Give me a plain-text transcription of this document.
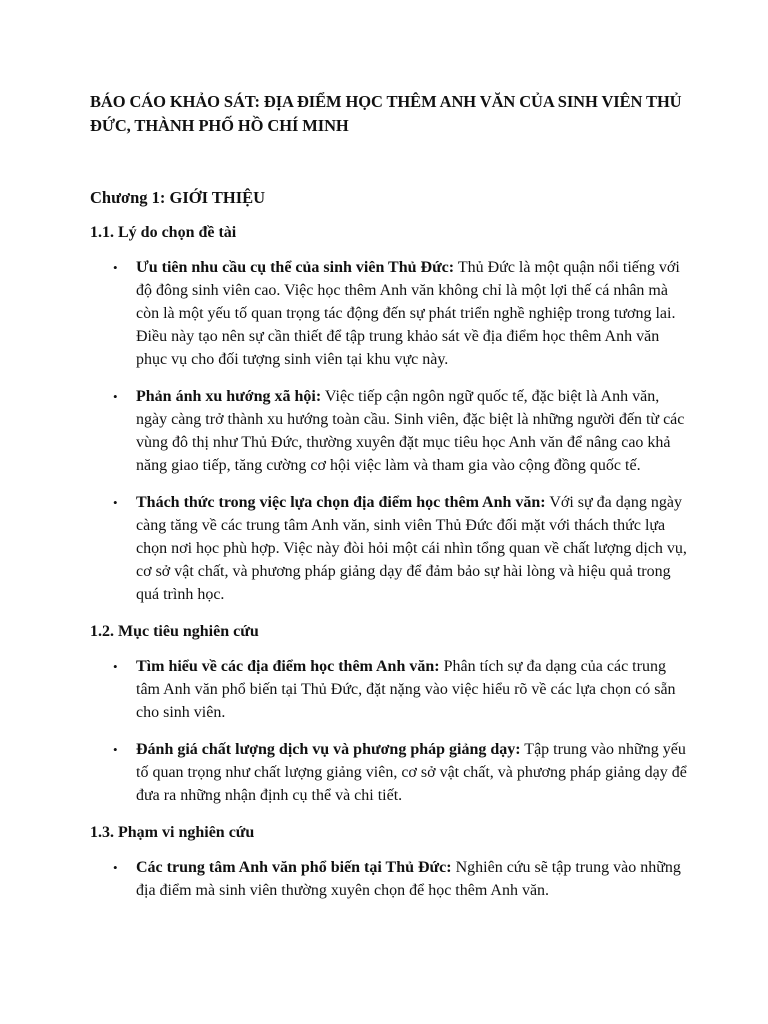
BÁO CÁO KHẢO SÁT: ĐỊA ĐIỂM HỌC THÊM ANH VĂN CỦA SINH VIÊN THỦ ĐỨC, THÀNH PHỐ HỒ CHÍ MINH
Chương 1: GIỚI THIỆU
1.1. Lý do chọn đề tài
• Ưu tiên nhu cầu cụ thể của sinh viên Thủ Đức: Thủ Đức là một quận nổi tiếng với độ đông sinh viên cao. Việc học thêm Anh văn không chỉ là một lợi thế cá nhân mà còn là một yếu tố quan trọng tác động đến sự phát triển nghề nghiệp trong tương lai. Điều này tạo nên sự cần thiết để tập trung khảo sát về địa điểm học thêm Anh văn phục vụ cho đối tượng sinh viên tại khu vực này.
• Phản ánh xu hướng xã hội: Việc tiếp cận ngôn ngữ quốc tế, đặc biệt là Anh văn, ngày càng trở thành xu hướng toàn cầu. Sinh viên, đặc biệt là những người đến từ các vùng đô thị như Thủ Đức, thường xuyên đặt mục tiêu học Anh văn để nâng cao khả năng giao tiếp, tăng cường cơ hội việc làm và tham gia vào cộng đồng quốc tế.
• Thách thức trong việc lựa chọn địa điểm học thêm Anh văn: Với sự đa dạng ngày càng tăng về các trung tâm Anh văn, sinh viên Thủ Đức đối mặt với thách thức lựa chọn nơi học phù hợp. Việc này đòi hỏi một cái nhìn tổng quan về chất lượng dịch vụ, cơ sở vật chất, và phương pháp giảng dạy để đảm bảo sự hài lòng và hiệu quả trong quá trình học.
1.2. Mục tiêu nghiên cứu
• Tìm hiểu về các địa điểm học thêm Anh văn: Phân tích sự đa dạng của các trung tâm Anh văn phổ biến tại Thủ Đức, đặt nặng vào việc hiểu rõ về các lựa chọn có sẵn cho sinh viên.
• Đánh giá chất lượng dịch vụ và phương pháp giảng dạy: Tập trung vào những yếu tố quan trọng như chất lượng giảng viên, cơ sở vật chất, và phương pháp giảng dạy để đưa ra những nhận định cụ thể và chi tiết.
1.3. Phạm vi nghiên cứu
• Các trung tâm Anh văn phổ biến tại Thủ Đức: Nghiên cứu sẽ tập trung vào những địa điểm mà sinh viên thường xuyên chọn để học thêm Anh văn.
